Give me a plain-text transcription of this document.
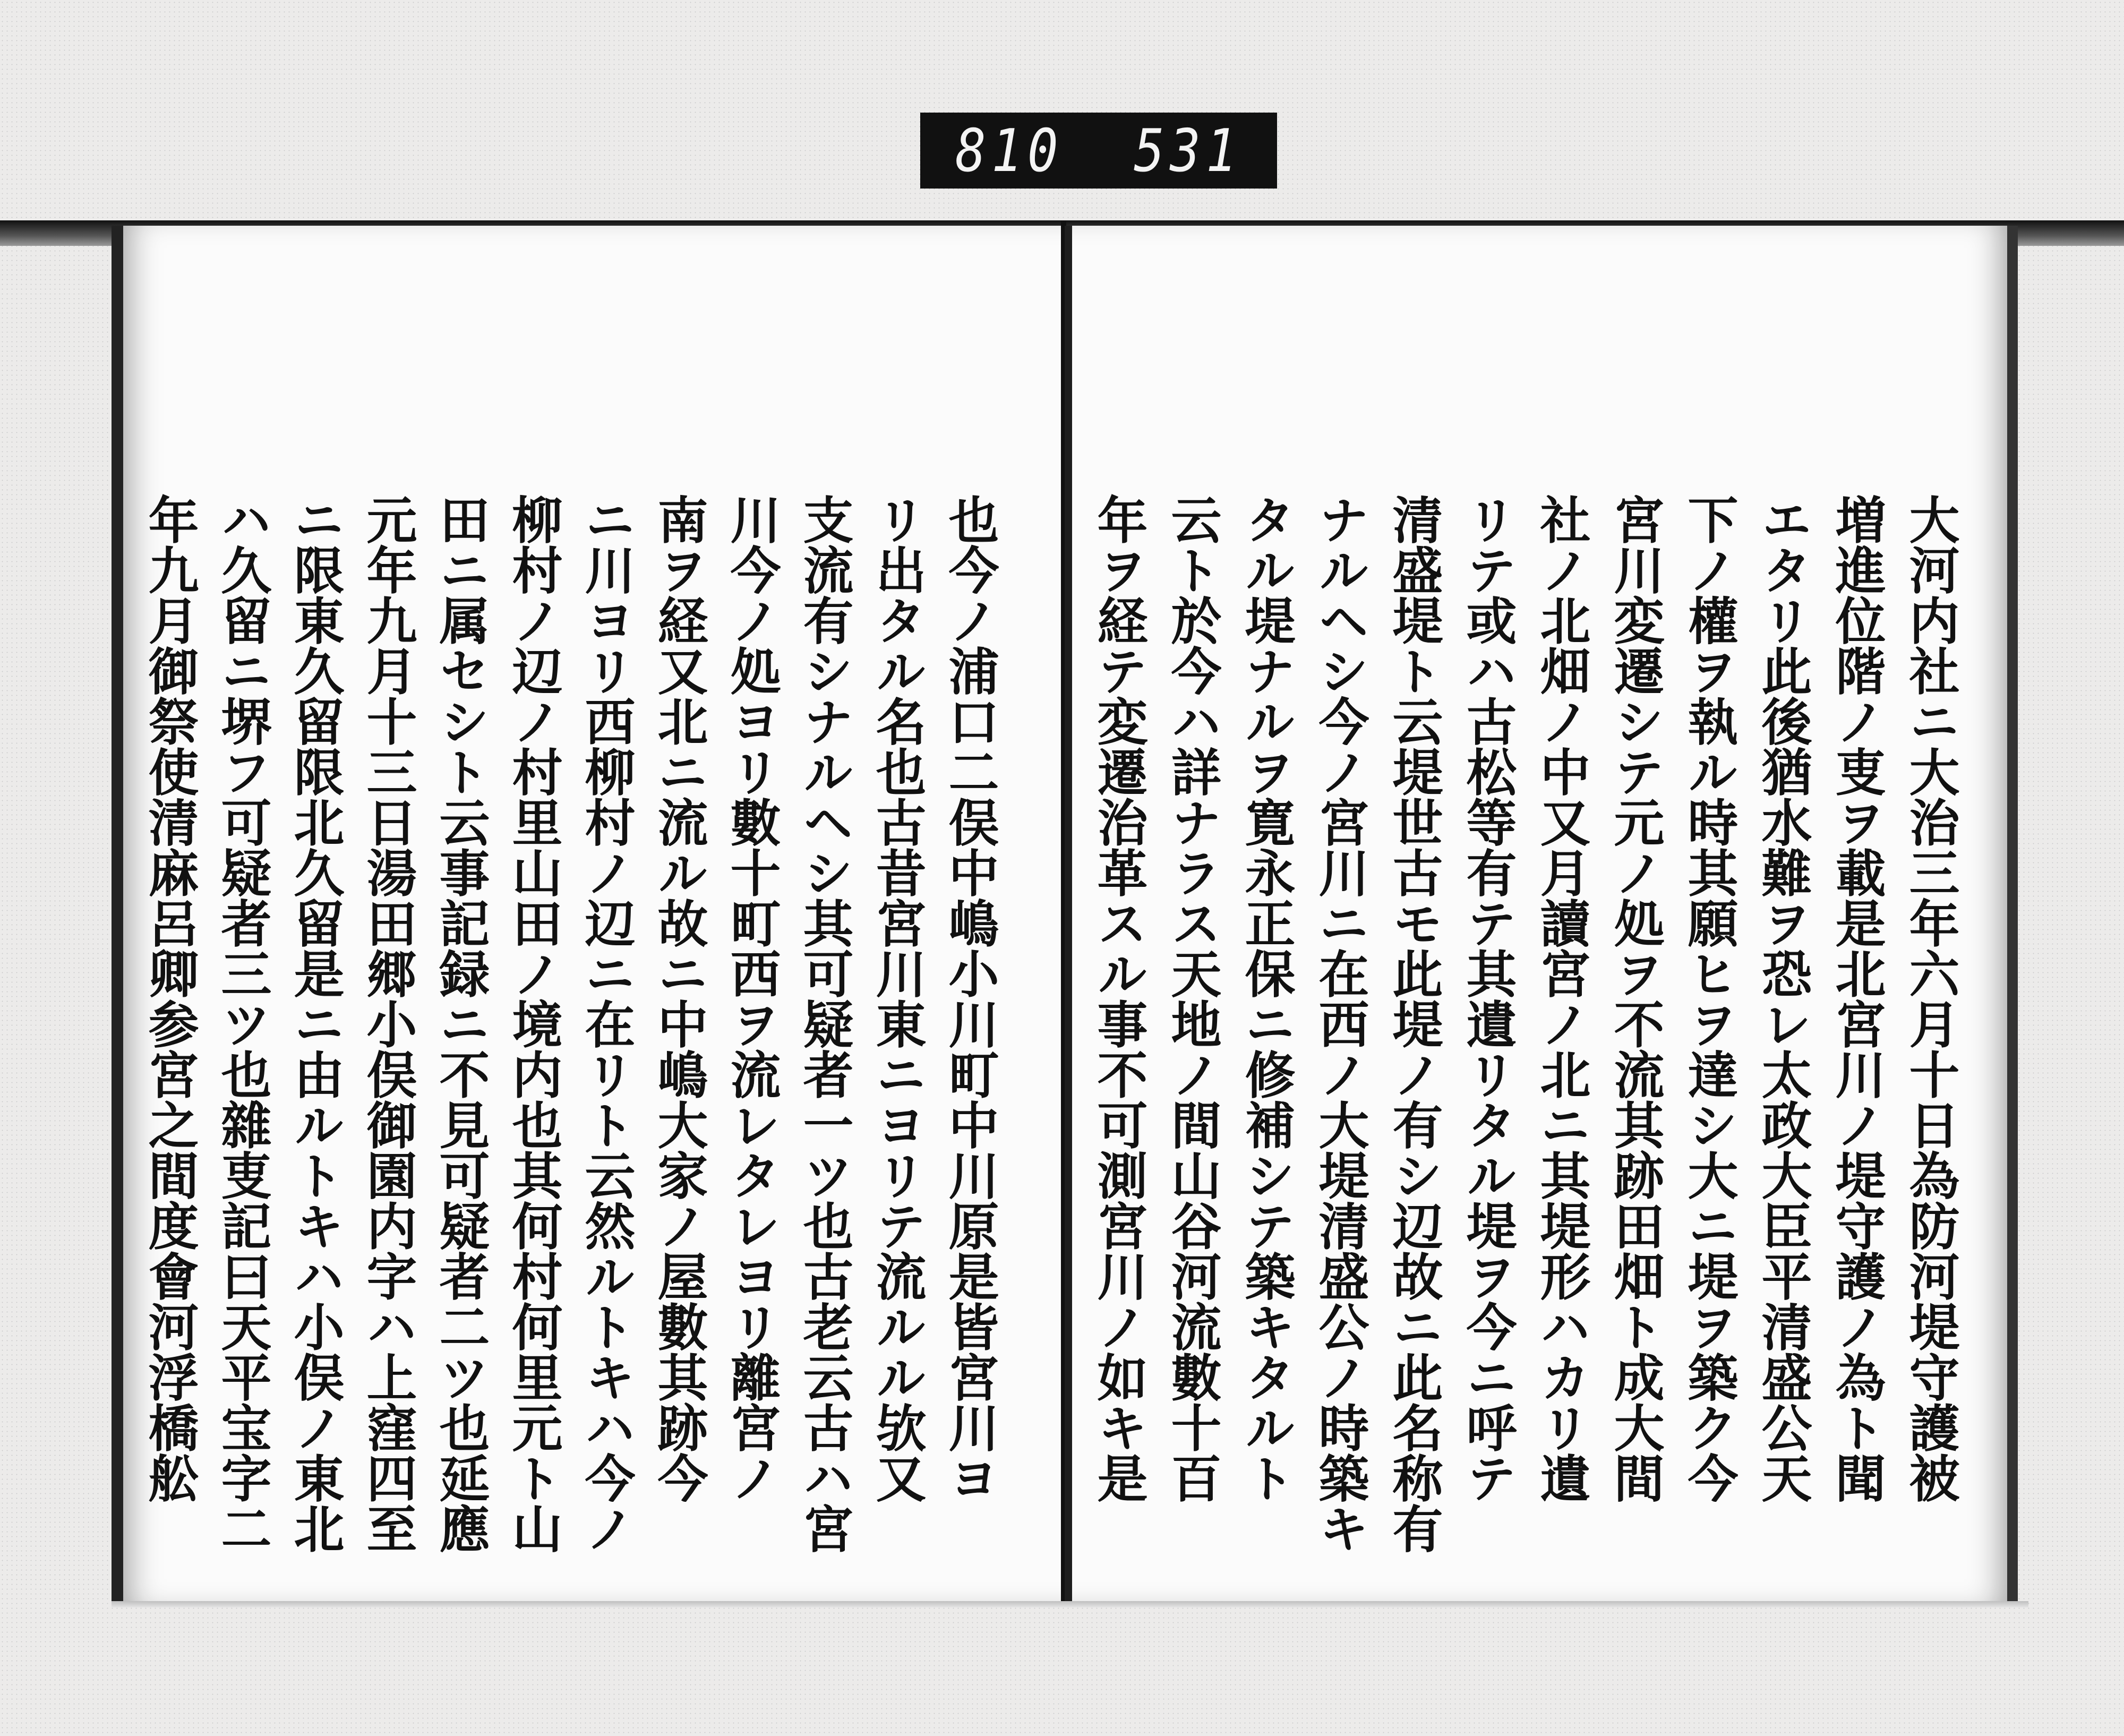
810 531
也今ノ浦口二俣中嶋小川町中川原是皆宮川ヨ
リ出タル名也古昔宮川東ニヨリテ流ルル欤又
支流有シナルヘシ其可疑者一ツ也古老云古ハ宮
川今ノ処ヨリ數十町西ヲ流レタレヨリ離宮ノ
南ヲ経又北ニ流ル故ニ中嶋大家ノ屋數其跡今
ニ川ヨリ西柳村ノ辺ニ在リト云然ルトキハ今ノ
柳村ノ辺ノ村里山田ノ境内也其何村何里元ト山
田ニ属セシト云事記録ニ不見可疑者二ツ也延應
元年九月十三日湯田郷小俣御園内字ハ上窪四至
ニ限東久留限北久留是ニ由ルトキハ小俣ノ東北
ハ久留ニ堺フ可疑者三ツ也雜叓記曰天平宝字二
年九月御祭使清麻呂卿参宮之間度會河浮橋舩	大河内社ニ大治三年六月十日為防河堤守護被
増進位階ノ叓ヲ載是北宮川ノ堤守護ノ為ト聞
エタリ此後猶水難ヲ恐レ太政大臣平清盛公天
下ノ權ヲ執ル時其願ヒヲ達シ大ニ堤ヲ築ク今
宮川変遷シテ元ノ処ヲ不流其跡田畑ト成大間
社ノ北畑ノ中又月讀宮ノ北ニ其堤形ハカリ遺
リテ或ハ古松等有テ其遺リタル堤ヲ今ニ呼テ
清盛堤ト云堤世古モ此堤ノ有シ辺故ニ此名称有
ナルヘシ今ノ宮川ニ在西ノ大堤清盛公ノ時築キ
タル堤ナルヲ寛永正保ニ修補シテ築キタルト
云ト於今ハ詳ナラス天地ノ間山谷河流數十百
年ヲ経テ変遷治革スル事不可測宮川ノ如キ是
